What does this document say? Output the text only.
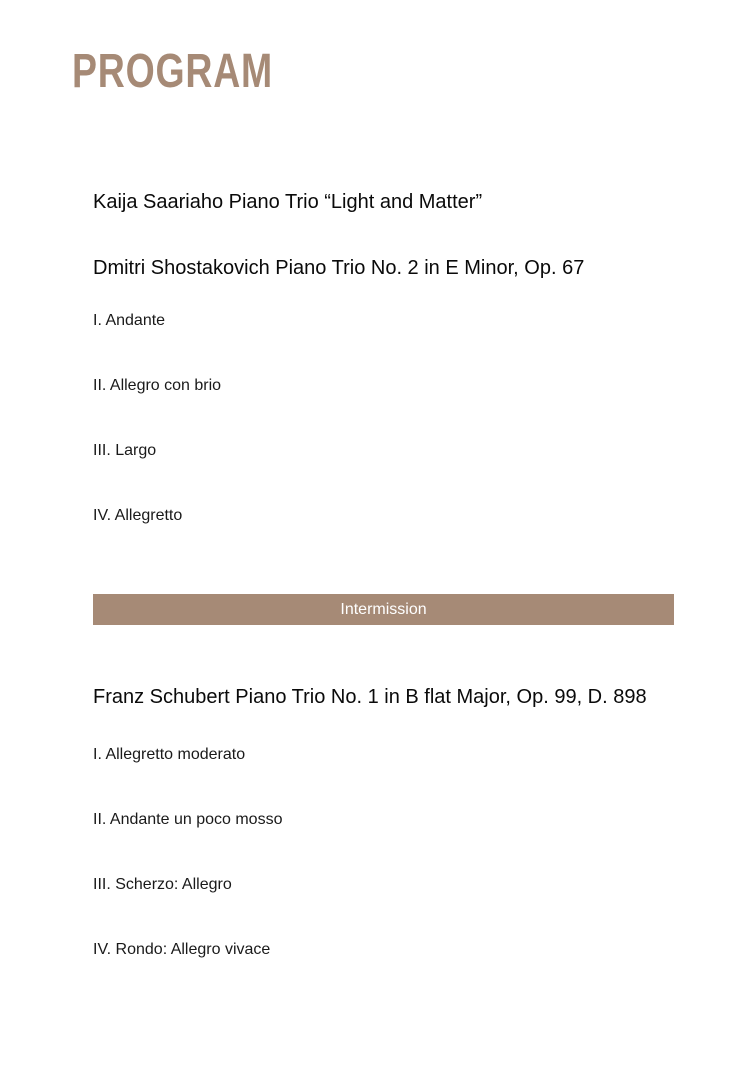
PROGRAM

Kaija Saariaho Piano Trio “Light and Matter”

Dmitri Shostakovich Piano Trio No. 2 in E Minor, Op. 67

I. Andante

II. Allegro con brio

III. Largo

IV. Allegretto

Intermission

Franz Schubert Piano Trio No. 1 in B flat Major, Op. 99, D. 898

I. Allegretto moderato

II. Andante un poco mosso

III. Scherzo: Allegro

IV. Rondo: Allegro vivace
